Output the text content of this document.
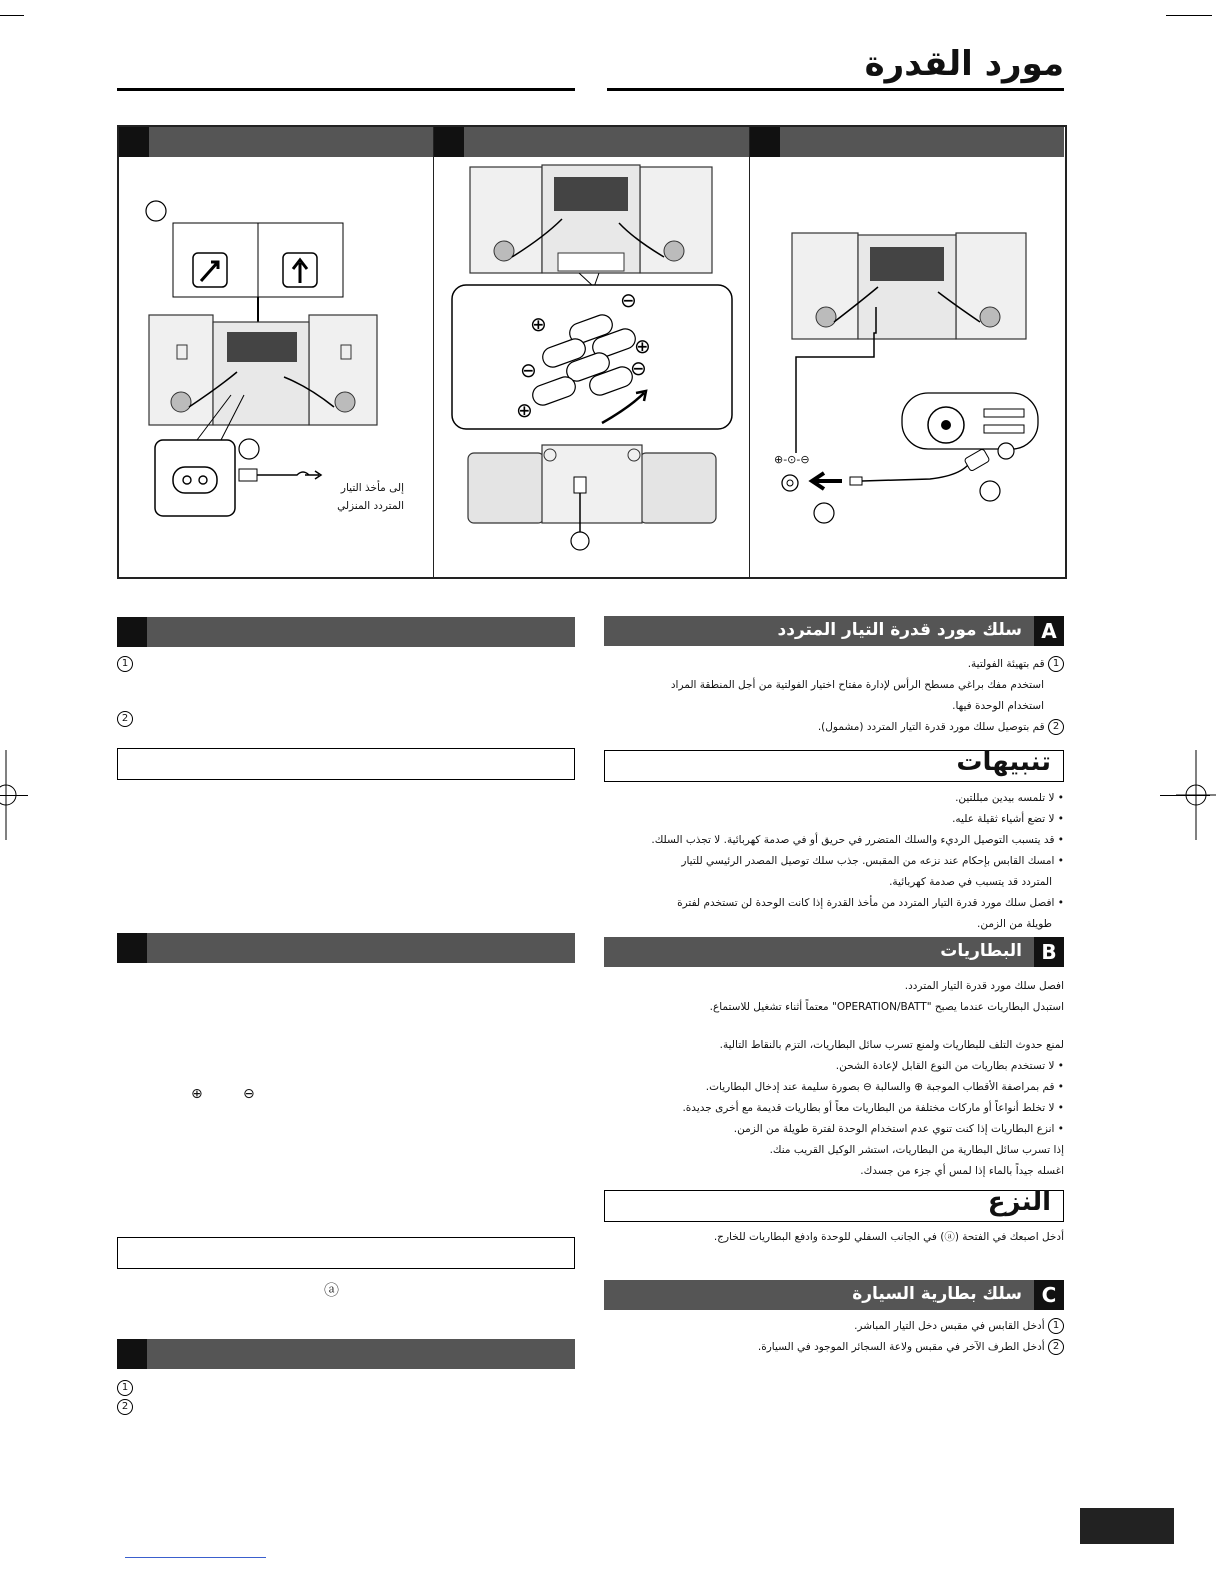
مورد القدرة
إلى مأخذ التيار
المتردد المنزلي
⊕
⊖
⊕
⊖
⊕
⊖
⊕-⊙-⊖
سلك مورد قدرة التيار المتردد A
1 قم بتهيئة الفولتية.
استخدم مفك براغي مسطح الرأس لإدارة مفتاح اختيار الفولتية من أجل المنطقة المراد
استخدام الوحدة فيها.
2 قم بتوصيل سلك مورد قدرة التيار المتردد (مشمول).
تنبيهات
• لا تلمسه بيدين مبللتين.
• لا تضع أشياء ثقيلة عليه.
• قد يتسبب التوصيل الرديء والسلك المتضرر في حريق أو في صدمة كهربائية. لا تجذب السلك.
• امسك القابس بإحكام عند نزعه من المقبس. جذب سلك توصيل المصدر الرئيسي للتيار
المتردد قد يتسبب في صدمة كهربائية.
• افصل سلك مورد قدرة التيار المتردد من مأخذ القدرة إذا كانت الوحدة لن تستخدم لفترة
طويلة من الزمن.
البطاريات B
افصل سلك مورد قدرة التيار المتردد.
استبدل البطاريات عندما يصبح "OPERATION/BATT" معتماً أثناء تشغيل للاستماع.
لمنع حدوث التلف للبطاريات ولمنع تسرب سائل البطاريات، التزم بالنقاط التالية.
• لا تستخدم بطاريات من النوع القابل لإعادة الشحن.
• قم بمراصفة الأقطاب الموجبة ⊕ والسالبة ⊖ بصورة سليمة عند إدخال البطاريات.
• لا تخلط أنواعاً أو ماركات مختلفة من البطاريات معاً أو بطاريات قديمة مع أخرى جديدة.
• انزع البطاريات إذا كنت تنوي عدم استخدام الوحدة لفترة طويلة من الزمن.
إذا تسرب سائل البطارية من البطاريات، استشر الوكيل القريب منك.
اغسله جيداً بالماء إذا لمس أي جزء من جسدك.
النزع
أدخل اصبعك في الفتحة (ⓐ) في الجانب السفلي للوحدة وادفع البطاريات للخارج.
سلك بطارية السيارة C
1 أدخل القابس في مقبس دخل التيار المباشر.
2 أدخل الطرف الآخر في مقبس ولاعة السجائر الموجود في السيارة.
1
2
⊕	⊖
ⓐ
1
2
